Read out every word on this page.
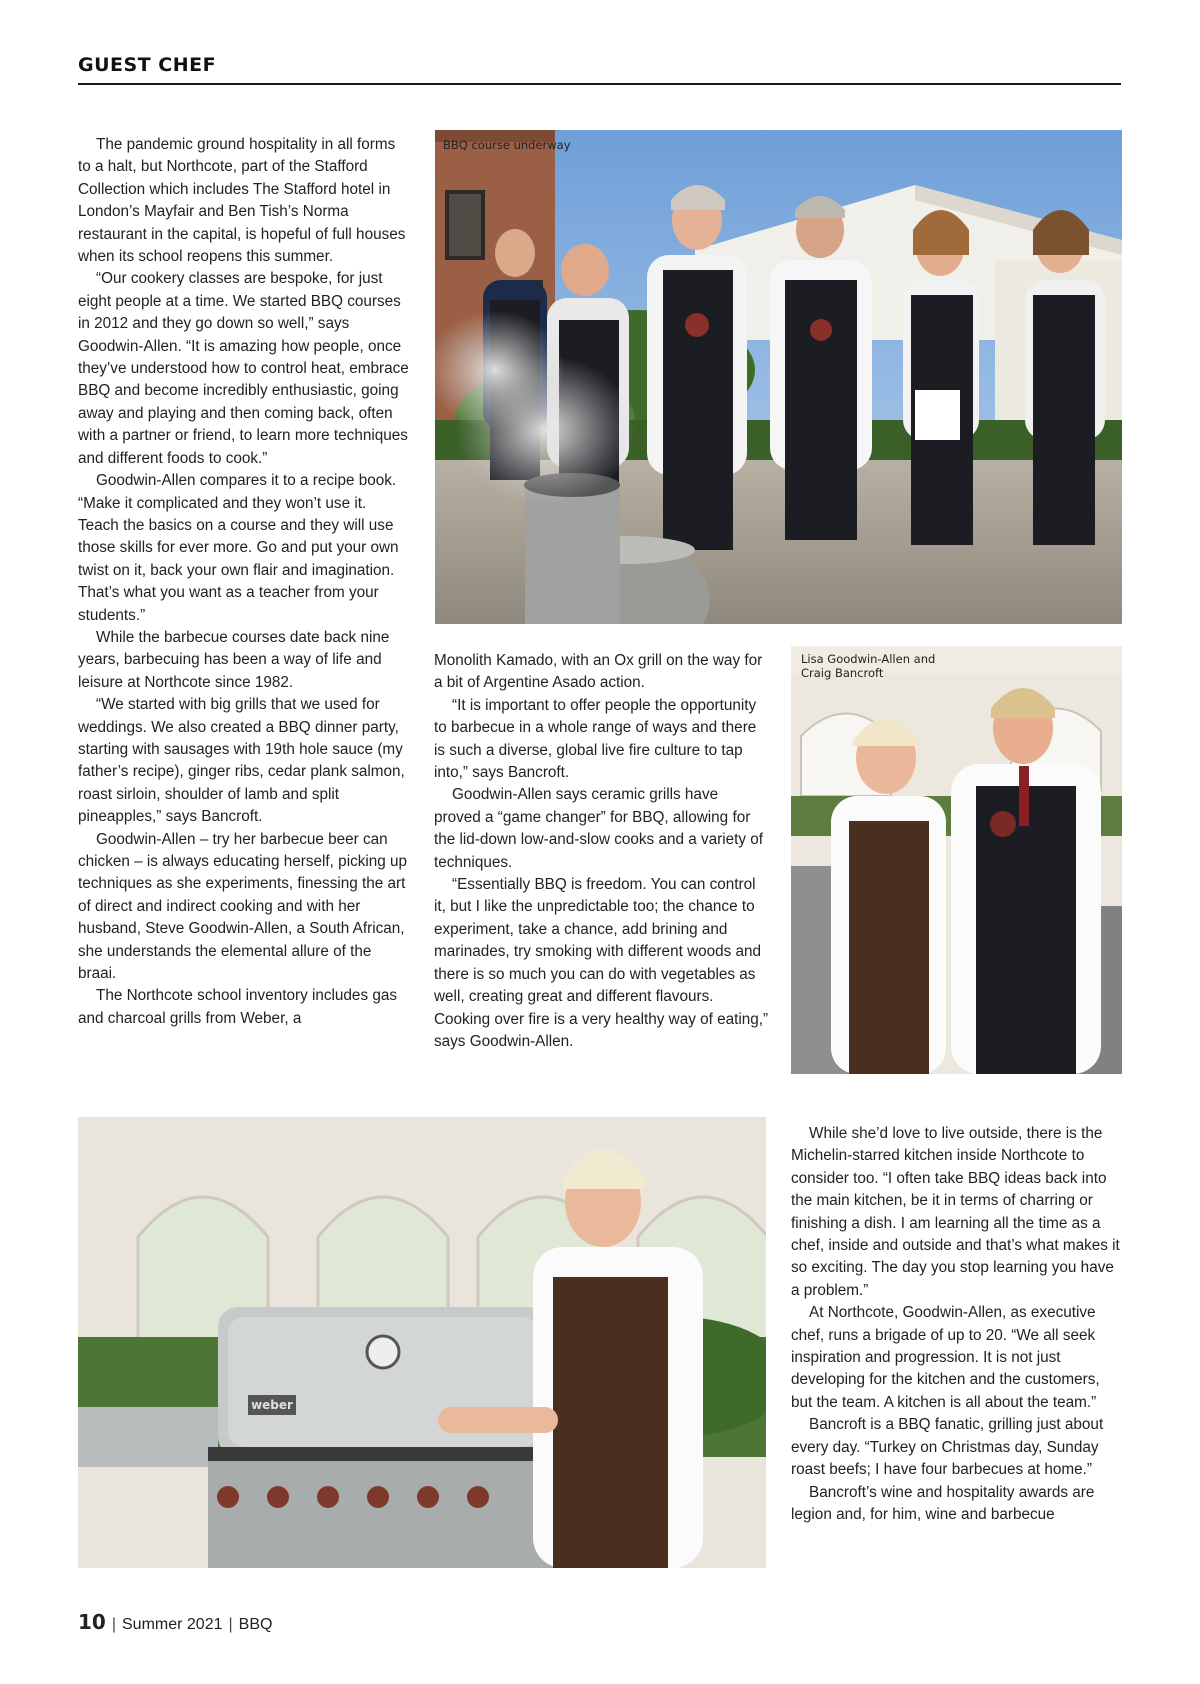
GUEST CHEF

The pandemic ground hospitality in all forms to a halt, but Northcote, part of the Stafford Collection which includes The Stafford hotel in London’s Mayfair and Ben Tish’s Norma restaurant in the capital, is hopeful of full houses when its school reopens this summer.

“Our cookery classes are bespoke, for just eight people at a time. We started BBQ courses in 2012 and they go down so well,” says Goodwin-Allen. “It is amazing how people, once they’ve understood how to control heat, embrace BBQ and become incredibly enthusiastic, going away and playing and then coming back, often with a partner or friend, to learn more techniques and different foods to cook.”

Goodwin-Allen compares it to a recipe book. “Make it complicated and they won’t use it. Teach the basics on a course and they will use those skills for ever more. Go and put your own twist on it, back your own flair and imagination. That’s what you want as a teacher from your students.”

While the barbecue courses date back nine years, barbecuing has been a way of life and leisure at Northcote since 1982.

“We started with big grills that we used for weddings. We also created a BBQ dinner party, starting with sausages with 19th hole sauce (my father’s recipe), ginger ribs, cedar plank salmon, roast sirloin, shoulder of lamb and split pineapples,” says Bancroft.

Goodwin-Allen – try her barbecue beer can chicken – is always educating herself, picking up techniques as she experiments, finessing the art of direct and indirect cooking and with her husband, Steve Goodwin-Allen, a South African, she understands the elemental allure of the braai.

The Northcote school inventory includes gas and charcoal grills from Weber, a

Monolith Kamado, with an Ox grill on the way for a bit of Argentine Asado action.

“It is important to offer people the opportunity to barbecue in a whole range of ways and there is such a diverse, global live fire culture to tap into,” says Bancroft.

Goodwin-Allen says ceramic grills have proved a “game changer” for BBQ, allowing for the lid-down low-and-slow cooks and a variety of techniques.

“Essentially BBQ is freedom. You can control it, but I like the unpredictable too; the chance to experiment, take a chance, add brining and marinades, try smoking with different woods and there is so much you can do with vegetables as well, creating great and different flavours. Cooking over fire is a very healthy way of eating,” says Goodwin-Allen.

While she’d love to live outside, there is the Michelin-starred kitchen inside Northcote to consider too. “I often take BBQ ideas back into the main kitchen, be it in terms of charring or finishing a dish. I am learning all the time as a chef, inside and outside and that’s what makes it so exciting. The day you stop learning you have a problem.”

At Northcote, Goodwin-Allen, as executive chef, runs a brigade of up to 20. “We all seek inspiration and progression. It is not just developing for the kitchen and the customers, but the team. A kitchen is all about the team.”

Bancroft is a BBQ fanatic, grilling just about every day. “Turkey on Christmas day, Sunday roast beefs; I have four barbecues at home.”

Bancroft’s wine and hospitality awards are legion and, for him, wine and barbecue

BBQ course underway
Lisa Goodwin-Allen and Craig Bancroft
weber
10 | Summer 2021 | BBQ
